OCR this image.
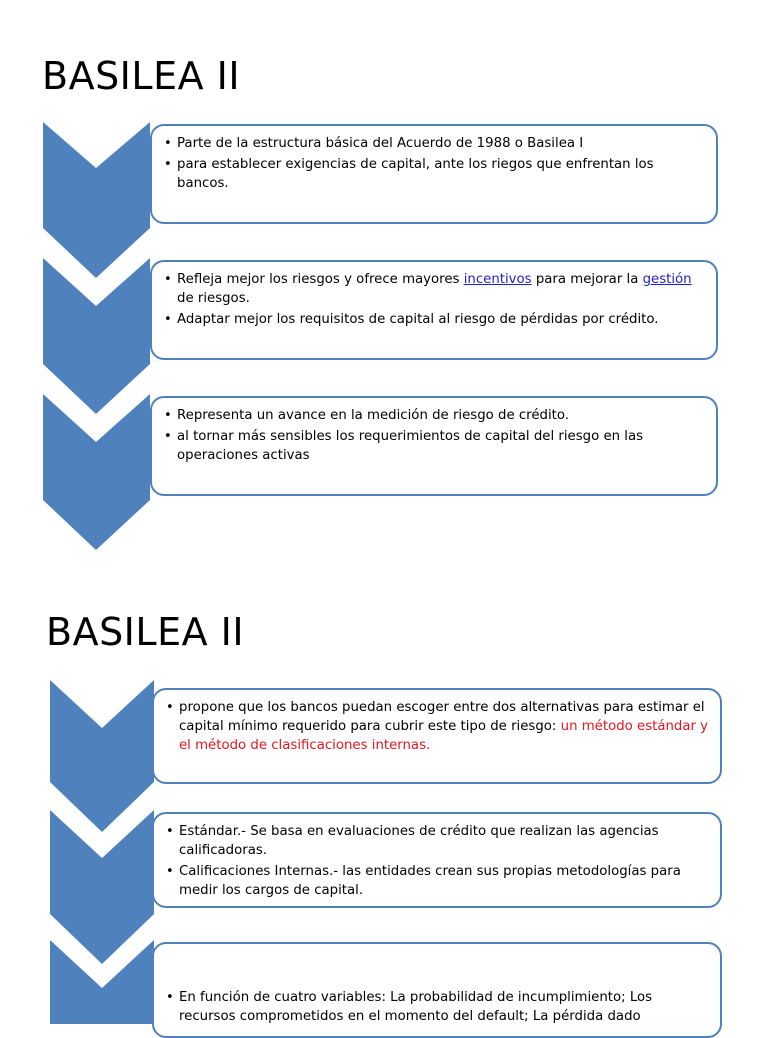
BASILEA II
• Parte de la estructura básica del Acuerdo de 1988 o Basilea I
• para establecer exigencias de capital, ante los riegos que enfrentan los bancos.
• Refleja mejor los riesgos y ofrece mayores incentivos para mejorar la gestión de riesgos.
• Adaptar mejor los requisitos de capital al riesgo de pérdidas por crédito.
• Representa un avance en la medición de riesgo de crédito.
• al tornar más sensibles los requerimientos de capital del riesgo en las operaciones activas
BASILEA II
• propone que los bancos puedan escoger entre dos alternativas para estimar el capital mínimo requerido para cubrir este tipo de riesgo: un método estándar y el método de clasificaciones internas.
• Estándar.- Se basa en evaluaciones de crédito que realizan las agencias calificadoras.
• Calificaciones Internas.- las entidades crean sus propias metodologías para medir los cargos de capital.
• En función de cuatro variables: La probabilidad de incumplimiento; Los recursos comprometidos en el momento del default; La pérdida dado
